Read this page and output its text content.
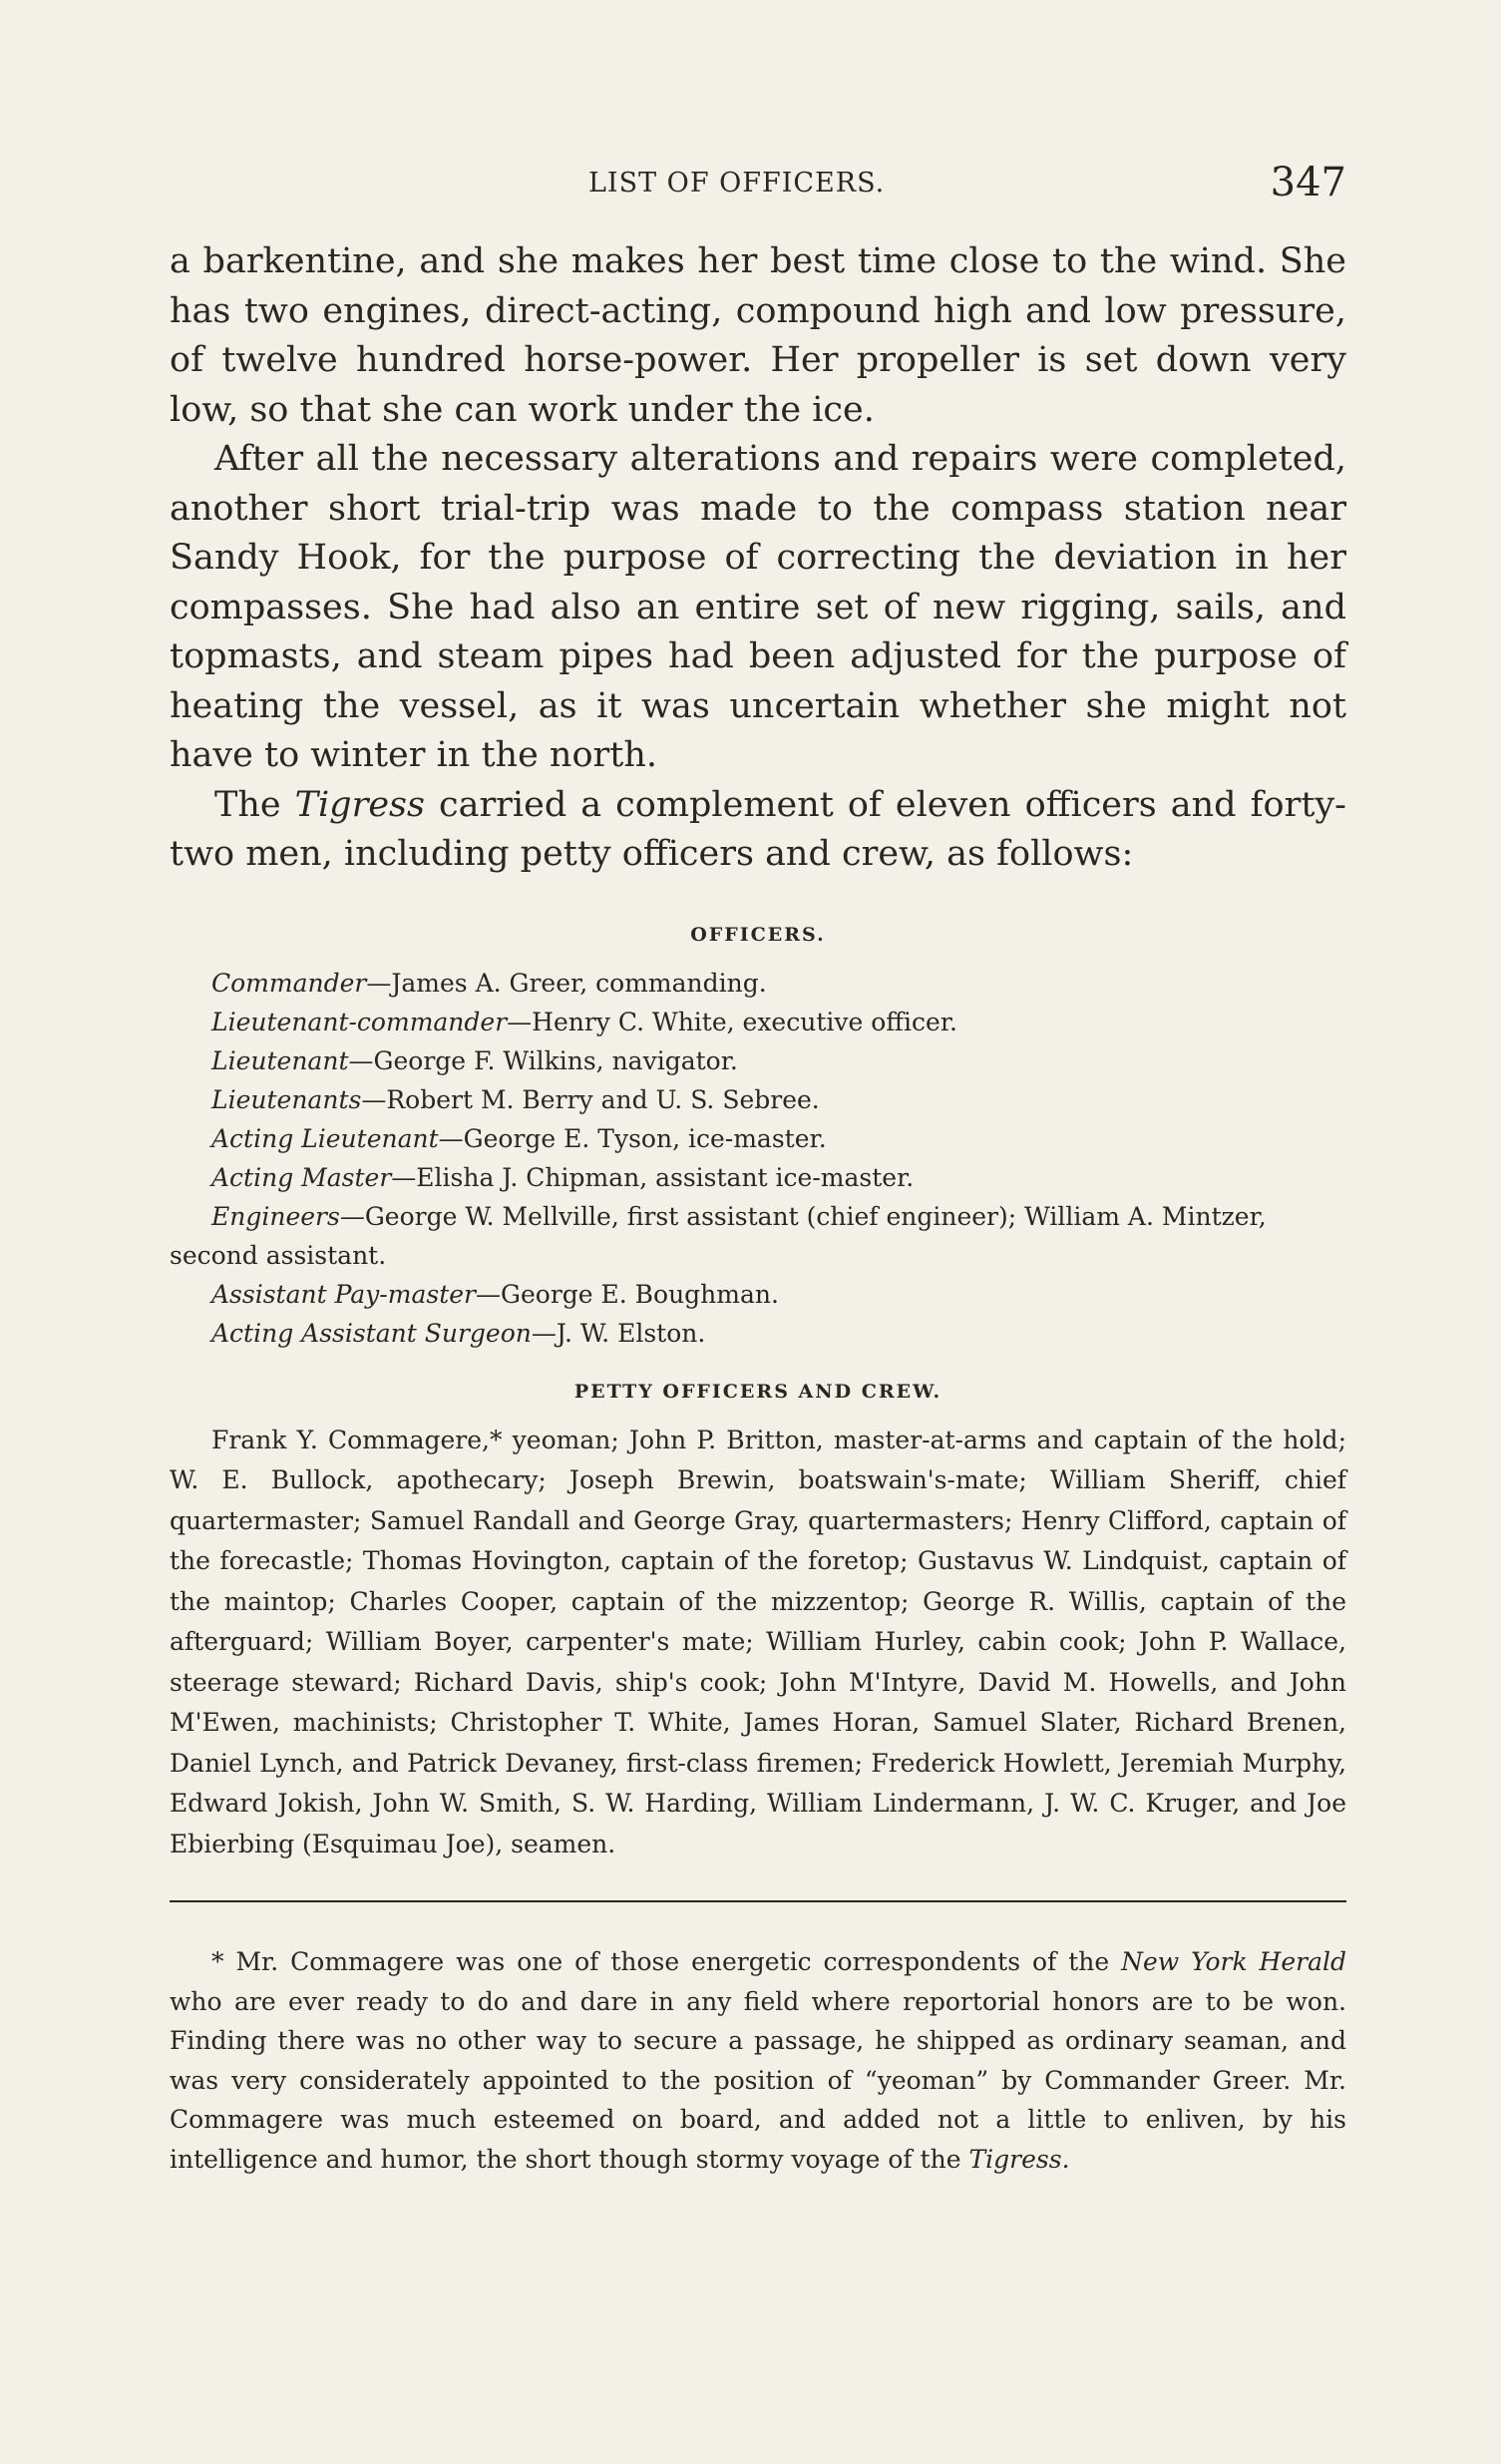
LIST OF OFFICERS.	347

a barkentine, and she makes her best time close to the wind. She has two engines, direct-acting, compound high and low pressure, of twelve hundred horse-power. Her propeller is set down very low, so that she can work under the ice.

After all the necessary alterations and repairs were completed, another short trial-trip was made to the compass station near Sandy Hook, for the purpose of correcting the deviation in her compasses. She had also an entire set of new rigging, sails, and topmasts, and steam pipes had been adjusted for the purpose of heating the vessel, as it was uncertain whether she might not have to winter in the north.

The Tigress carried a complement of eleven officers and forty-two men, including petty officers and crew, as follows:

OFFICERS.

Commander—James A. Greer, commanding.

Lieutenant-commander—Henry C. White, executive officer.

Lieutenant—George F. Wilkins, navigator.

Lieutenants—Robert M. Berry and U. S. Sebree.

Acting Lieutenant—George E. Tyson, ice-master.

Acting Master—Elisha J. Chipman, assistant ice-master.

Engineers—George W. Mellville, first assistant (chief engineer); William A. Mintzer, second assistant.

Assistant Pay-master—George E. Boughman.

Acting Assistant Surgeon—J. W. Elston.

PETTY OFFICERS AND CREW.

Frank Y. Commagere,* yeoman; John P. Britton, master-at-arms and captain of the hold; W. E. Bullock, apothecary; Joseph Brewin, boatswain's-mate; William Sheriff, chief quartermaster; Samuel Randall and George Gray, quartermasters; Henry Clifford, captain of the forecastle; Thomas Hovington, captain of the foretop; Gustavus W. Lindquist, captain of the maintop; Charles Cooper, captain of the mizzentop; George R. Willis, captain of the afterguard; William Boyer, carpenter's mate; William Hurley, cabin cook; John P. Wallace, steerage steward; Richard Davis, ship's cook; John M'Intyre, David M. Howells, and John M'Ewen, machinists; Christopher T. White, James Horan, Samuel Slater, Richard Brenen, Daniel Lynch, and Patrick Devaney, first-class firemen; Frederick Howlett, Jeremiah Murphy, Edward Jokish, John W. Smith, S. W. Harding, William Lindermann, J. W. C. Kruger, and Joe Ebierbing (Esquimau Joe), seamen.

* Mr. Commagere was one of those energetic correspondents of the New York Herald who are ever ready to do and dare in any field where reportorial honors are to be won. Finding there was no other way to secure a passage, he shipped as ordinary seaman, and was very considerately appointed to the position of “yeoman” by Commander Greer. Mr. Commagere was much esteemed on board, and added not a little to enliven, by his intelligence and humor, the short though stormy voyage of the Tigress.
